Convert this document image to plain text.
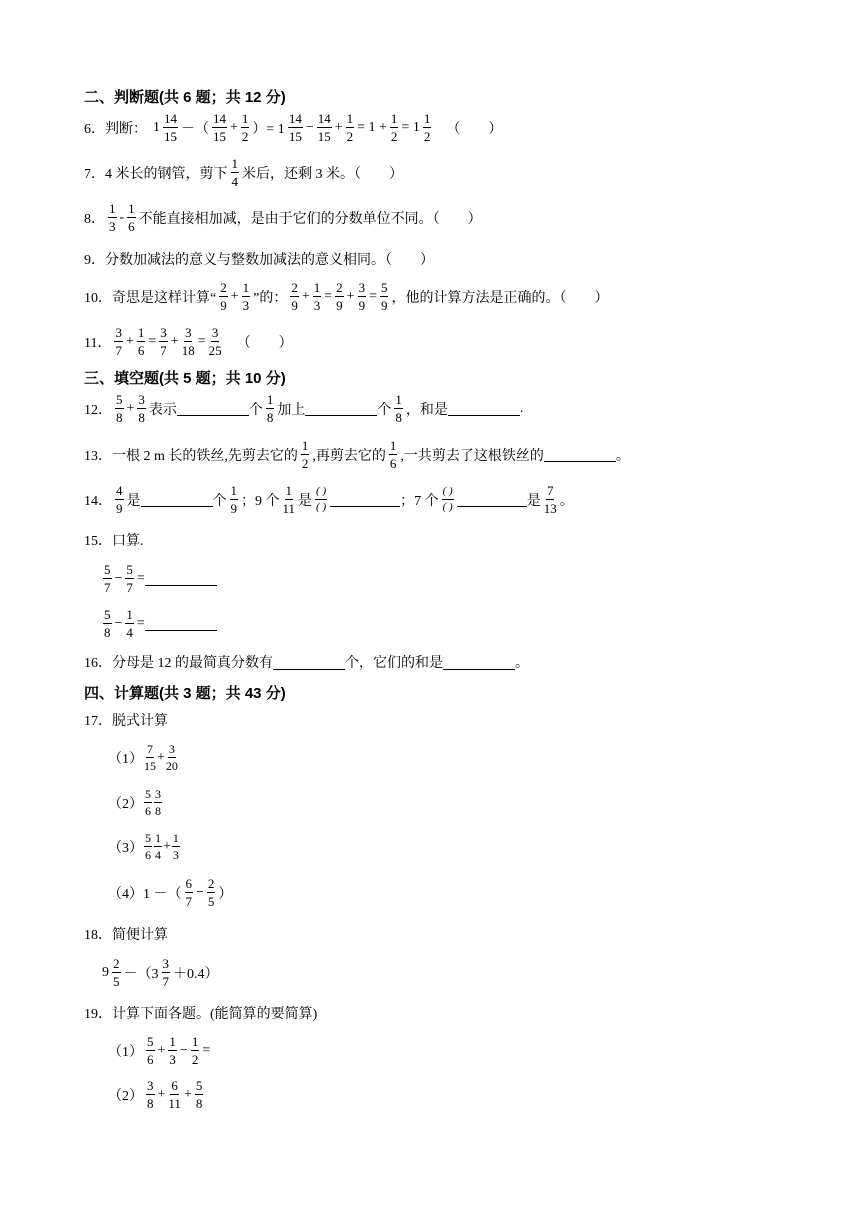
二、判断题(共 6 题；共 12 分)
6．判断： 1
14
15 －（
14
15
+ $\frac{1}{2}$ ）= 1
14
15
− $\frac{14}{15} + \frac{1}{2} = 1 + \frac{1}{2} = 1$
1
2 （　　）
7．4 米长的钢管，剪下
1
4 米后，还剩 3 米。（　　）
8．
1
3
-
1
6 不能直接相加减，是由于它们的分数单位不同。（　　）
9．分数加减法的意义与整数加减法的意义相同。（　　）
10．奇思是这样计算“
2
9
+ $\frac{1}{3}$ ”的：
2
9
+ $\frac{1}{3} = \frac{2}{9} + \frac{3}{9} = \frac{5}{9}$ ，他的计算方法是正确的。（　　）
11．
3
7
+ $\frac{1}{6} = \frac{3}{7} + \frac{3}{18} = \frac{3}{25}$ （　　）
三、填空题(共 5 题；共 10 分)
12．
5
8
+ $\frac{3}{8}$ 表示	个
1
8 加上	个
1
8 ，和是	.
13．一根 2 m 长的铁丝,先剪去它的
1
2 ,再剪去它的
1
6 ,一共剪去了这根铁丝的	。
14．
4
9 是	个
1
9 ；9 个
1
11 是
( )
( )	；7 个
( )
( )	是
7
13 。
15．口算.
5
7
− $\frac{5}{7}$ =
5
8
− $\frac{1}{4}$ =
16．分母是 12 的最简真分数有	个，它们的和是	。
四、计算题(共 3 题；共 43 分)
17．脱式计算
（1）
7
15
+ $\frac{3}{20}$
（2）
5
6
3
8
（3）
5
6
1
4
+ $\frac{1}{3}$
（4） 1 －（
6
7
− $\frac{2}{5}$ ）
18．简便计算
9
2
5 －（3
3
7 ＋0.4）
19．计算下面各题。(能简算的要简算)
（1）
5
6
+ $\frac{1}{3} - \frac{1}{2}$ =
（2）
3
8
+ $\frac{6}{11} + \frac{5}{8}$
